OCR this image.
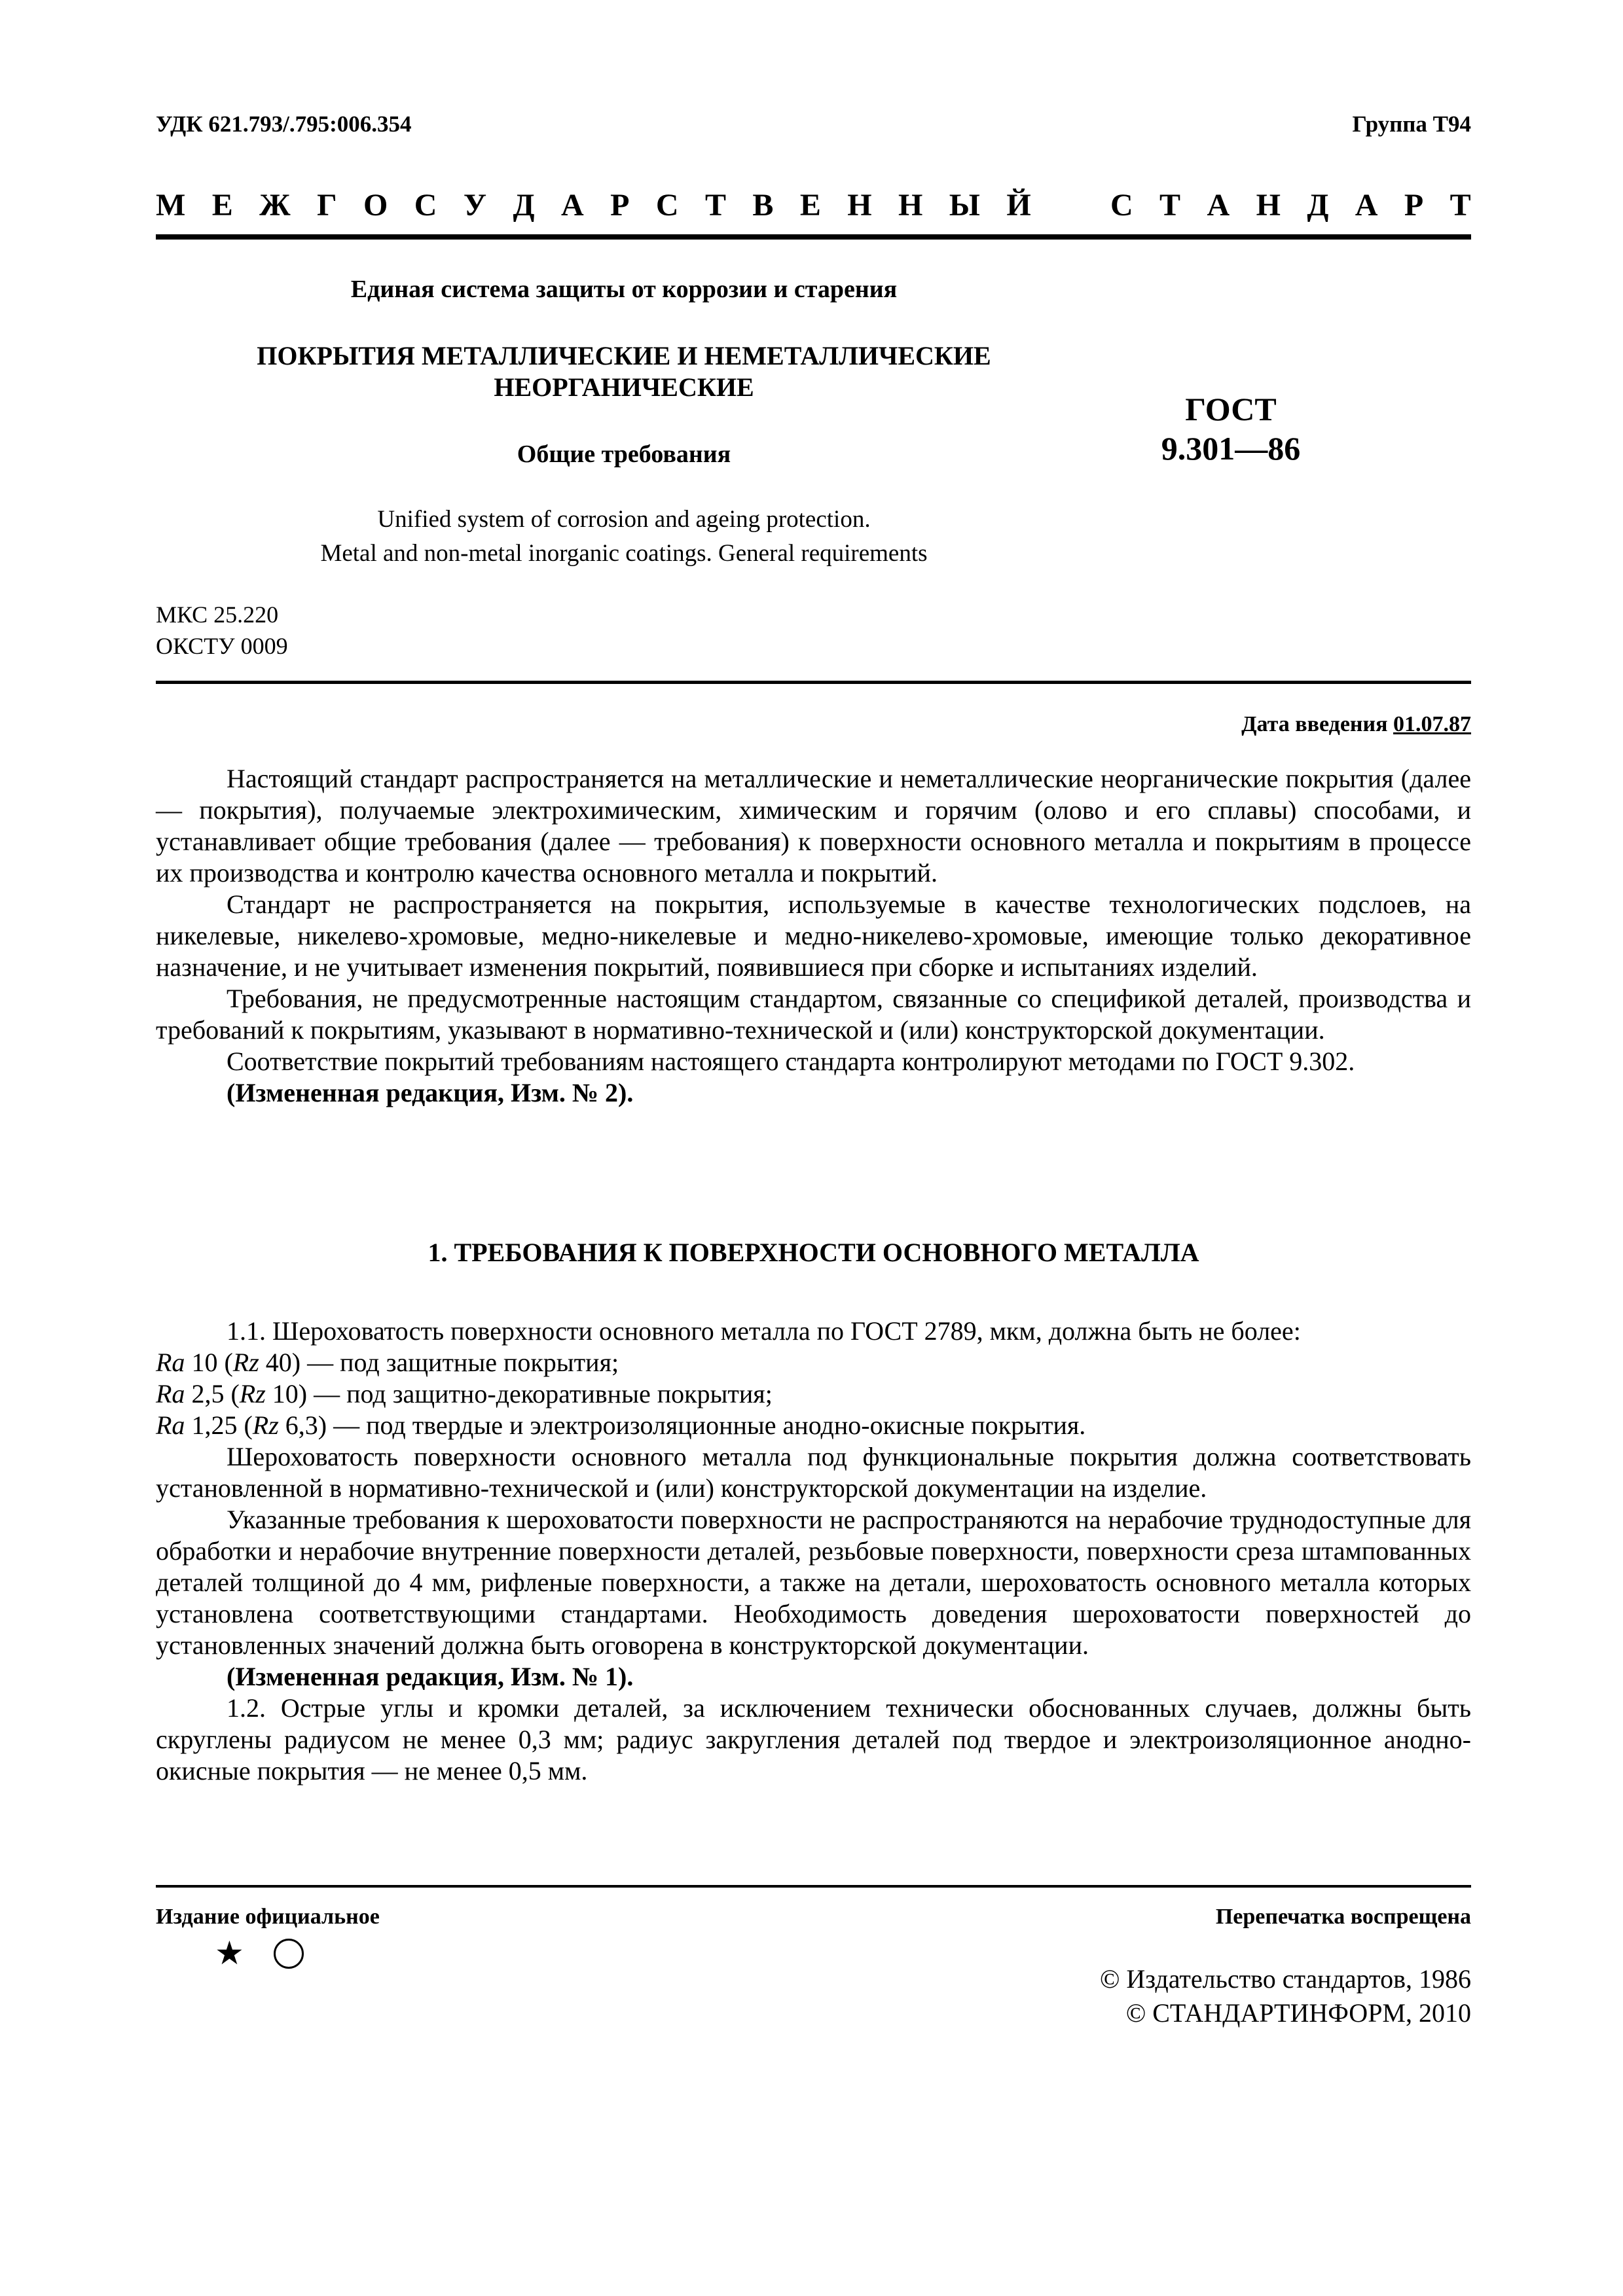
УДК 621.793/.795:006.354	Группа Т94
М Е Ж Г О С У Д А Р С Т В Е Н Н Ы Й	С Т А Н Д А Р Т
Единая система защиты от коррозии и старения
ПОКРЫТИЯ МЕТАЛЛИЧЕСКИЕ И НЕМЕТАЛЛИЧЕСКИЕ
НЕОРГАНИЧЕСКИЕ
Общие требования
Unified system of corrosion and ageing protection.
Metal and non-metal inorganic coatings. General requirements
ГОСТ
9.301—86
МКС 25.220
ОКСТУ 0009
Дата введения 01.07.87

Настоящий стандарт распространяется на металлические и неметаллические неорганические покрытия (далее — покрытия), получаемые электрохимическим, химическим и горячим (олово и его сплавы) способами, и устанавливает общие требования (далее — требования) к поверхности основного металла и покрытиям в процессе их производства и контролю качества основного металла и покрытий.

Стандарт не распространяется на покрытия, используемые в качестве технологических подслоев, на никелевые, никелево-хромовые, медно-никелевые и медно-никелево-хромовые, имеющие только декоративное назначение, и не учитывает изменения покрытий, появившиеся при сборке и испытаниях изделий.

Требования, не предусмотренные настоящим стандартом, связанные со спецификой деталей, производства и требований к покрытиям, указывают в нормативно-технической и (или) конструкторской документации.

Соответствие покрытий требованиям настоящего стандарта контролируют методами по ГОСТ 9.302.

(Измененная редакция, Изм. № 2).

1. ТРЕБОВАНИЯ К ПОВЕРХНОСТИ ОСНОВНОГО МЕТАЛЛА

1.1. Шероховатость поверхности основного металла по ГОСТ 2789, мкм, должна быть не более:

Ra 10 (Rz 40) — под защитные покрытия;

Ra 2,5 (Rz 10) — под защитно-декоративные покрытия;

Ra 1,25 (Rz 6,3) — под твердые и электроизоляционные анодно-окисные покрытия.

Шероховатость поверхности основного металла под функциональные покрытия должна соответствовать установленной в нормативно-технической и (или) конструкторской документации на изделие.

Указанные требования к шероховатости поверхности не распространяются на нерабочие труднодоступные для обработки и нерабочие внутренние поверхности деталей, резьбовые поверхности, поверхности среза штампованных деталей толщиной до 4 мм, рифленые поверхности, а также на детали, шероховатость основного металла которых установлена соответствующими стандартами. Необходимость доведения шероховатости поверхностей до установленных значений должна быть оговорена в конструкторской документации.

(Измененная редакция, Изм. № 1).

1.2. Острые углы и кромки деталей, за исключением технически обоснованных случаев, должны быть скруглены радиусом не менее 0,3 мм; радиус закругления деталей под твердое и электроизоляционное анодно-окисные покрытия — не менее 0,5 мм.

Издание официальное	Перепечатка воспрещена
★
© Издательство стандартов, 1986
© СТАНДАРТИНФОРМ, 2010
